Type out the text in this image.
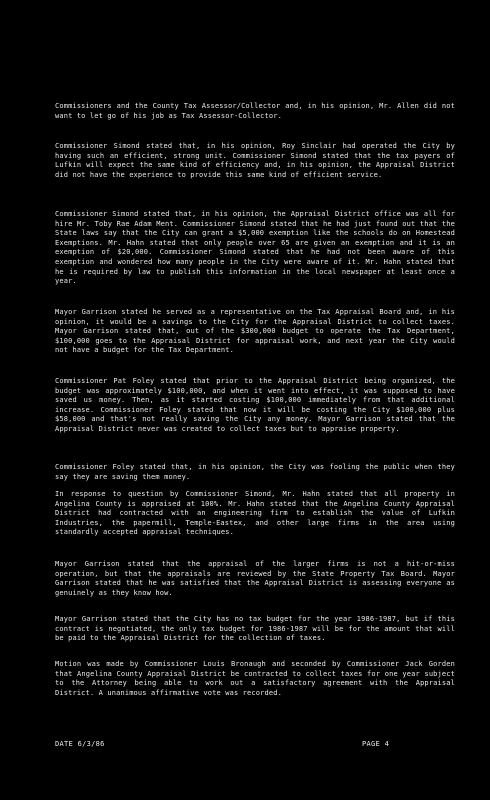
Commissioners and the County Tax Assessor/Collector and, in his opinion, Mr. Allen did not want to let go of his job as Tax Assessor-Collector.
Commissioner Simond stated that, in his opinion, Roy Sinclair had operated the City by having such an efficient, strong unit. Commissioner Simond stated that the tax payers of Lufkin will expect the same kind of efficiency and, in his opinion, the Appraisal District did not have the experience to provide this same kind of efficient service.
Commissioner Simond stated that, in his opinion, the Appraisal District office was all for hire Mr. Toby Rae Adam Ment. Commissioner Simond stated that he had just found out that the State laws say that the City can grant a $5,000 exemption like the schools do on Homestead Exemptions. Mr. Hahn stated that only people over 65 are given an exemption and it is an exemption of $20,000. Commissioner Simond stated that he had not been aware of this exemption and wondered how many people in the City were aware of it. Mr. Hahn stated that he is required by law to publish this information in the local newspaper at least once a year.
Mayor Garrison stated he served as a representative on the Tax Appraisal Board and, in his opinion, it would be a savings to the City for the Appraisal District to collect taxes. Mayor Garrison stated that, out of the $300,000 budget to operate the Tax Department, $100,000 goes to the Appraisal District for appraisal work, and next year the City would not have a budget for the Tax Department.
Commissioner Pat Foley stated that prior to the Appraisal District being organized, the budget was approximately $100,000, and when it went into effect, it was supposed to have saved us money. Then, as it started costing $100,000 immediately from that additional increase. Commissioner Foley stated that now it will be costing the City $100,000 plus $58,000 and that's not really saving the City any money. Mayor Garrison stated that the Appraisal District never was created to collect taxes but to appraise property.
Commissioner Foley stated that, in his opinion, the City was fooling the public when they say they are saving them money.
In response to question by Commissioner Simond, Mr. Hahn stated that all property in Angelina County is appraised at 100%. Mr. Hahn stated that the Angelina County Appraisal District had contracted with an engineering firm to establish the value of Lufkin Industries, the papermill, Temple-Eastex, and other large firms in the area using standardly accepted appraisal techniques.
Mayor Garrison stated that the appraisal of the larger firms is not a hit-or-miss operation, but that the appraisals are reviewed by the State Property Tax Board. Mayor Garrison stated that he was satisfied that the Appraisal District is assessing everyone as genuinely as they know how.
Mayor Garrison stated that the City has no tax budget for the year 1986-1987, but if this contract is negotiated, the only tax budget for 1986-1987 will be for the amount that will be paid to the Appraisal District for the collection of taxes.
Motion was made by Commissioner Louis Bronaugh and seconded by Commissioner Jack Gorden that Angelina County Appraisal District be contracted to collect taxes for one year subject to the Attorney being able to work out a satisfactory agreement with the Appraisal District. A unanimous affirmative vote was recorded.
DATE 6/3/86	PAGE 4
